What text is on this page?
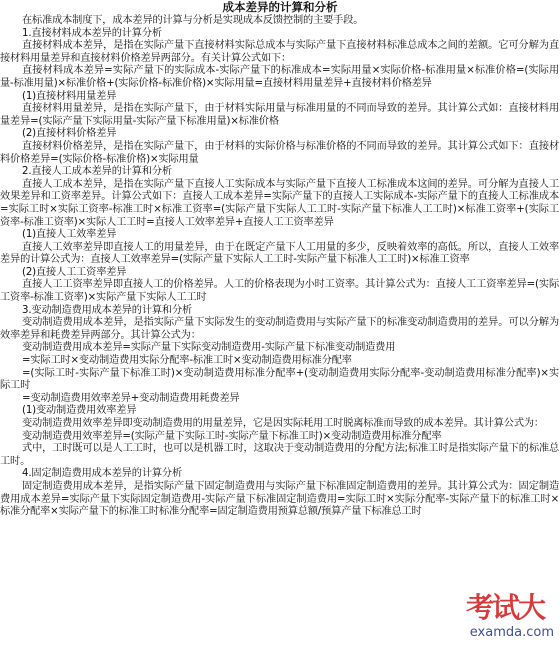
成本差异的计算和分析

在标准成本制度下，成本差异的计算与分析是实现成本反馈控制的主要手段。

1.直接材料成本差异的计算分析

直接材料成本差异，是指在实际产量下直接材料实际总成本与实际产量下直接材料标准总成本之间的差额。它可分解为直接材料用量差异和直接材料价格差异两部分。有关计算公式如下：

直接材料成本差异=实际产量下的实际成本-实际产量下的标准成本=实际用量×实际价格-标准用量×标准价格=(实际用量-标准用量)×标准价格+(实际价格-标准价格)×实际用量=直接材料用量差异+直接材料价格差异

(1)直接材料用量差异

直接材料用量差异，是指在实际产量下，由于材料实际用量与标准用量的不同而导致的差异。其计算公式如：直接材料用量差异=(实际产量下实际用量-实际产量下标准用量)×标准价格

(2)直接材料价格差异

直接材料价格差异，是指在实际产量下，由于材料的实际价格与标准价格的不同而导致的差异。其计算公式如下：直接材料价格差异=(实际价格-标准价格)×实际用量

2.直接人工成本差异的计算和分析

直接人工成本差异，是指在实际产量下直接人工实际成本与实际产量下直接人工标准成本这间的差异。可分解为直接人工效果差异和工资率差异。计算公式如下：直接人工成本差异=实际产量下的直接人工实际成本-实际产量下的直接人工标准成本=实际工时×实际工资率-标准工时×标准工资率=(实际产量下实际人工工时-实际产量下标准人工工时)×标准工资率+(实际工资率-标准工资率)×实际人工工时=直接人工效率差异+直接人工工资率差异

(1)直接人工效率差异

直接人工效率差异即直接人工的用量差异，由于在既定产量下人工用量的多少，反映着效率的高低。所以，直接人工效率差异的计算公式为：直接人工效率差异=(实际产量下实际人工工时-实际产量下标准人工工时)×标准工资率

(2)直接人工工资率差异

直接人工工资率差异即直接人工的价格差异。人工的价格表现为小时工资率。其计算公式为：直接人工工资率差异=(实际工资率-标准工资率)×实际产量下实际人工工时

3.变动制造费用成本差异的计算和分析

变动制造费用成本差异，是指实际产量下实际发生的变动制造费用与实际产量下的标准变动制造费用的差异。可以分解为效率差异和耗费差异两部分。其计算公式为：

变动制造费用成本差异=实际产量下实际变动制造费用-实际产量下标准变动制造费用

=实际工时×变动制造费用实际分配率-标准工时×变动制造费用标准分配率

=(实际工时-实际产量下标准工时)×变动制造费用标准分配率+(变动制造费用实际分配率-变动制造费用标准分配率)×实际工时

=变动制造费用效率差异+变动制造费用耗费差异

(1)变动制造费用效率差异

变动制造费用效率差异即变动制造费用的用量差异，它是因实际耗用工时脱离标准而导致的成本差异。其计算公式为：

变动制造费用效率差异=(实际产量下实际工时-实际产量下标准工时)×变动制造费用标准分配率

式中，工时既可以是人工工时，也可以是机器工时，这取决于变动制造费用的分配方法;标准工时是指实际产量下的标准总工时。

4.固定制造费用成本差异的计算分析

固定制造费用成本差异，是指实际产量下固定制造费用与实际产量下标准固定制造费用的差异。其计算公式为：固定制造费用成本差异=实际产量下实际固定制造费用-实际产量下标准固定制造费用=实际工时×实际分配率-实际产量下的标准工时×标准分配率×实际产量下的标准工时标准分配率=固定制造费用预算总额/预算产量下标准总工时

考试大
examda.com
